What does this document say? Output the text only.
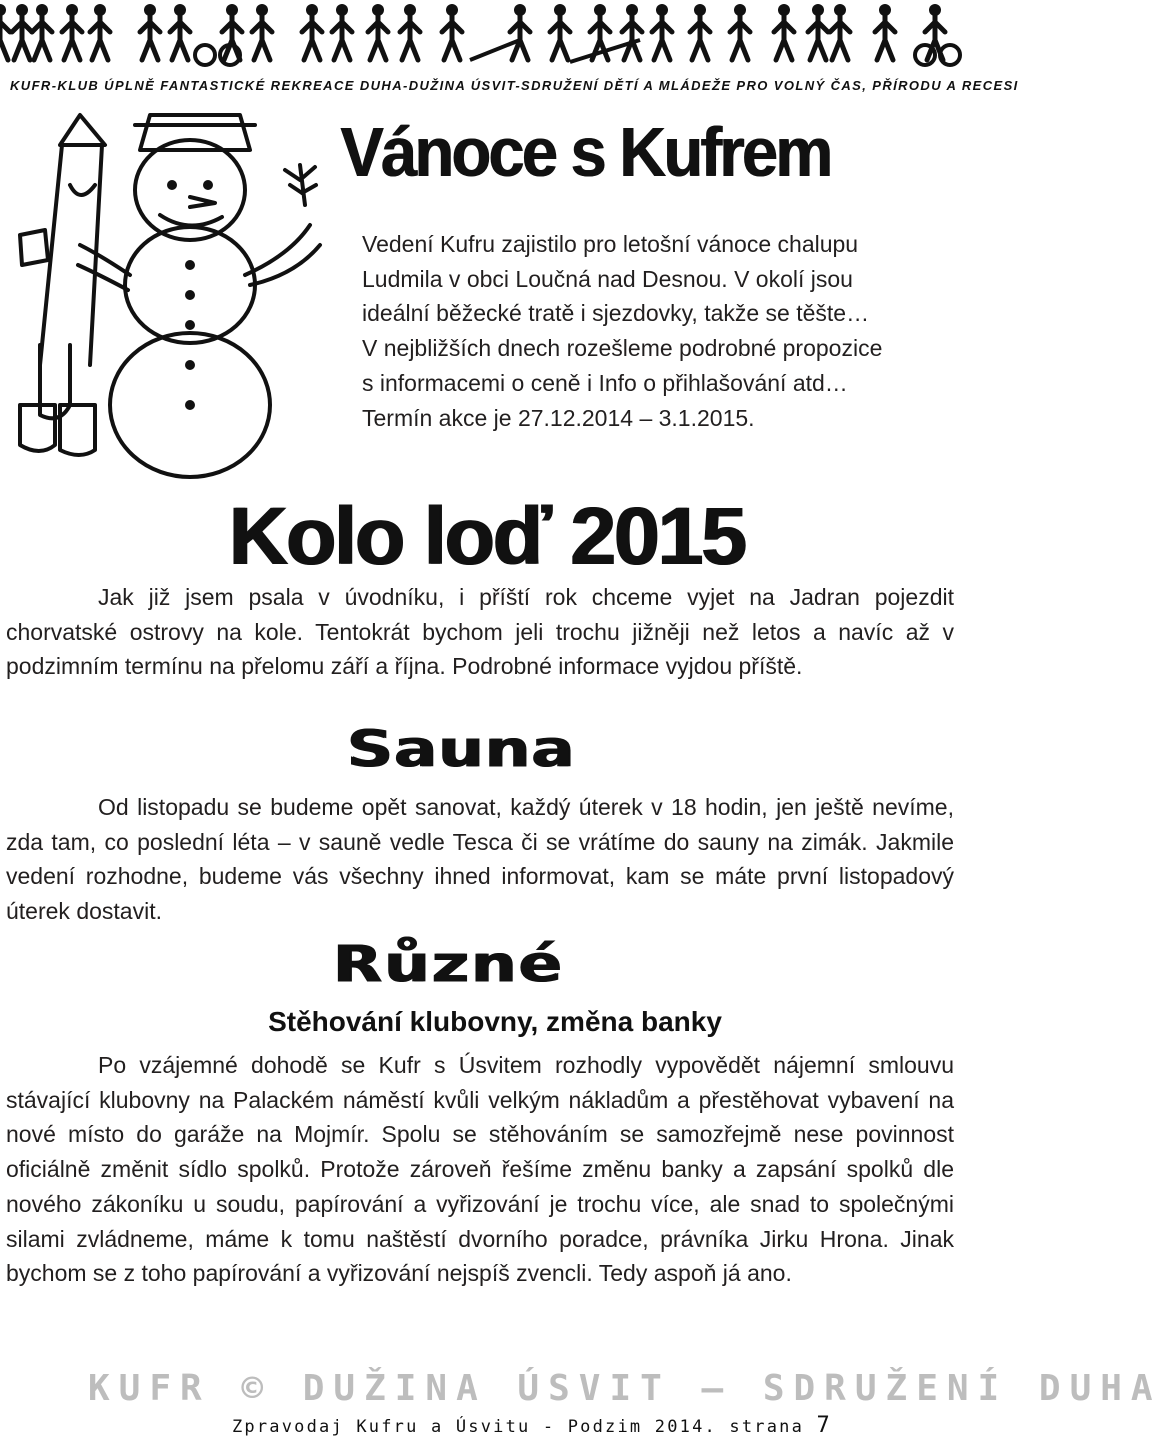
KUFR-KLUB ÚPLNĚ FANTASTICKÉ REKREACE DUHA-DUŽINA ÚSVIT-SDRUŽENÍ DĚTÍ A MLÁDEŽE PRO VOLNÝ ČAS, PŘÍRODU A RECESI
Vánoce s Kufrem
Vedení Kufru zajistilo pro letošní vánoce chalupu
Ludmila v obci Loučná nad Desnou. V okolí jsou
ideální běžecké tratě i sjezdovky, takže se těšte…
V nejbližších dnech rozešleme podrobné propozice
s informacemi o ceně i Info o přihlašování atd…
Termín akce je 27.12.2014 – 3.1.2015.
Kolo loď 2015
Jak již jsem psala v úvodníku, i příští rok chceme vyjet na Jadran pojezdit chorvatské ostrovy na kole. Tentokrát bychom jeli trochu jižněji než letos a navíc až v podzimním termínu na přelomu září a října. Podrobné informace vyjdou příště.
Sauna
Od listopadu se budeme opět sanovat, každý úterek v 18 hodin, jen ještě nevíme, zda tam, co poslední léta – v sauně vedle Tesca či se vrátíme do sauny na zimák. Jakmile vedení rozhodne, budeme vás všechny ihned informovat, kam se máte první listopadový úterek dostavit.
Různé
Stěhování klubovny, změna banky
Po vzájemné dohodě se Kufr s Úsvitem rozhodly vypovědět nájemní smlouvu stávající klubovny na Palackém náměstí kvůli velkým nákladům a přestěhovat vybavení na nové místo do garáže na Mojmír. Spolu se stěhováním se samozřejmě nese povinnost oficiálně změnit sídlo spolků. Protože zároveň řešíme změnu banky a zapsání spolků dle nového zákoníku u soudu, papírování a vyřizování je trochu více, ale snad to společnými silami zvládneme, máme k tomu naštěstí dvorního poradce, právníka Jirku Hrona. Jinak bychom se z toho papírování a vyřizování nejspíš zvencli. Tedy aspoň já ano.
KUFR © DUŽINA ÚSVIT – SDRUŽENÍ DUHA
Zpravodaj Kufru a Úsvitu - Podzim 2014. strana 7
